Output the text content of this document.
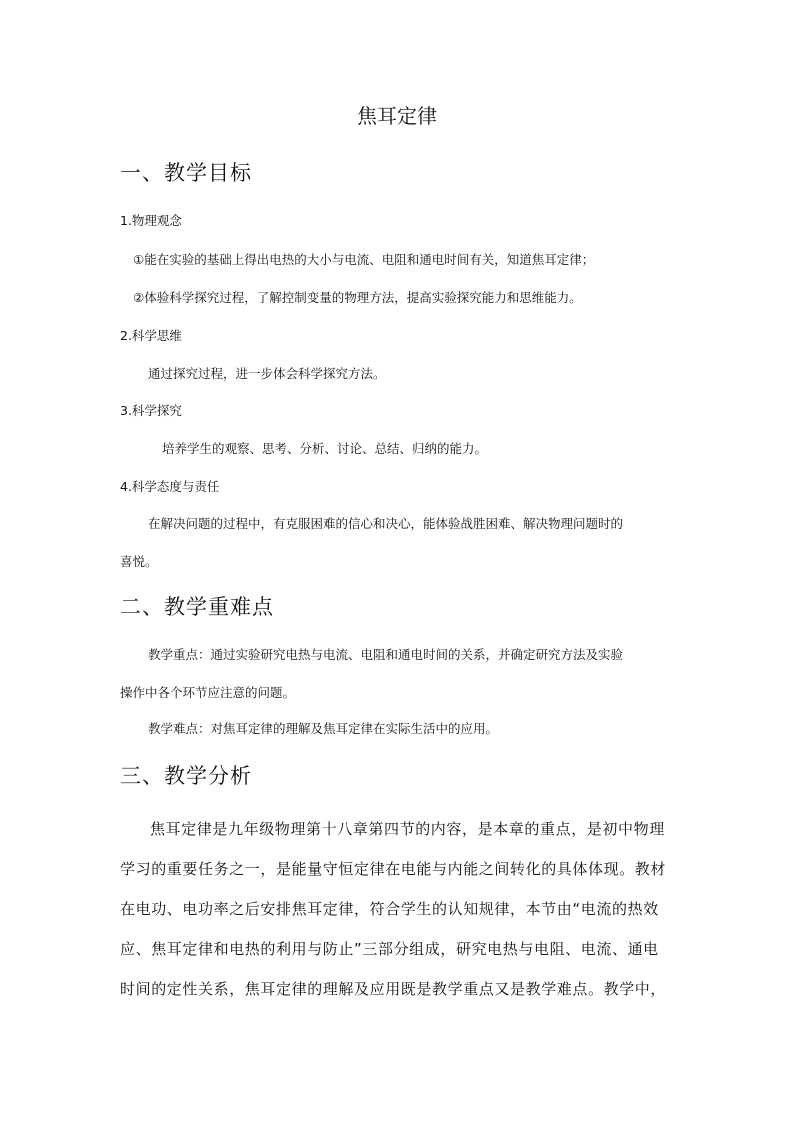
焦耳定律
一、教学目标
1.物理观念
①能在实验的基础上得出电热的大小与电流、电阻和通电时间有关，知道焦耳定律；
②体验科学探究过程，了解控制变量的物理方法，提高实验探究能力和思维能力。
2.科学思维
通过探究过程，进一步体会科学探究方法。
3.科学探究
培养学生的观察、思考、分析、讨论、总结、归纳的能力。
4.科学态度与责任
在解决问题的过程中，有克服困难的信心和决心，能体验战胜困难、解决物理问题时的
喜悦。
二、教学重难点
教学重点：通过实验研究电热与电流、电阻和通电时间的关系，并确定研究方法及实验
操作中各个环节应注意的问题。
教学难点：对焦耳定律的理解及焦耳定律在实际生活中的应用。
三、教学分析
焦耳定律是九年级物理第十八章第四节的内容，是本章的重点，是初中物理
学习的重要任务之一，是能量守恒定律在电能与内能之间转化的具体体现。教材
在电功、电功率之后安排焦耳定律，符合学生的认知规律，本节由“电流的热效
应、焦耳定律和电热的利用与防止”三部分组成，研究电热与电阻、电流、通电
时间的定性关系，焦耳定律的理解及应用既是教学重点又是教学难点。教学中，
